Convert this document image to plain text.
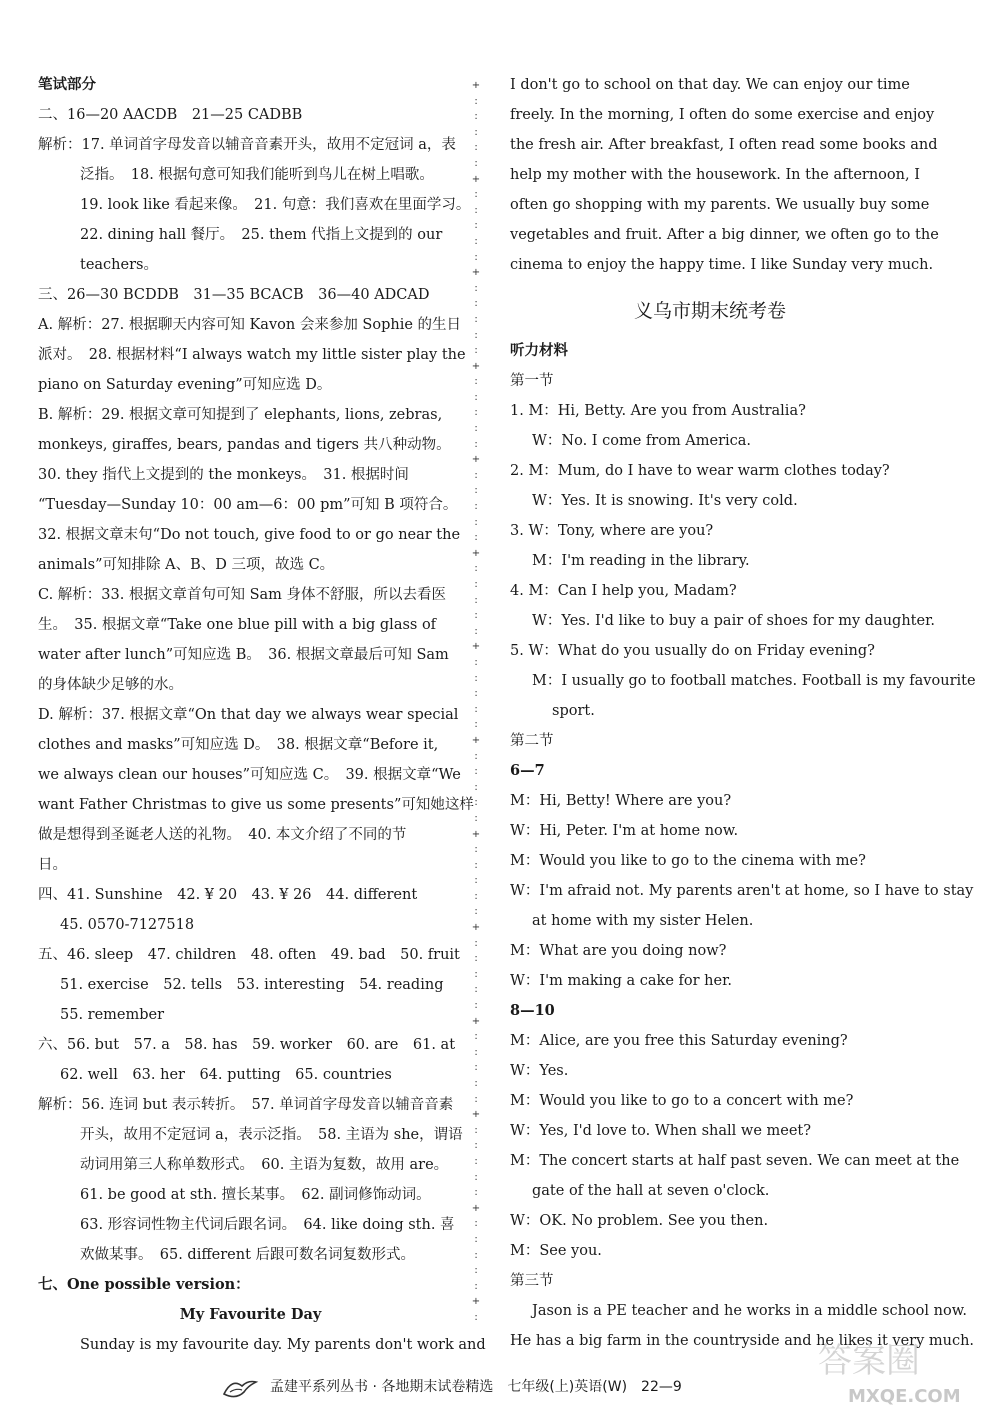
笔试部分
二、16—20 AACDB　21—25 CADBB
解析：17. 单词首字母发音以辅音音素开头，故用不定冠词 a，表
泛指。　18. 根据句意可知我们能听到鸟儿在树上唱歌。
19. look like 看起来像。　21. 句意：我们喜欢在里面学习。
22. dining hall 餐厅。　25. them 代指上文提到的 our
teachers。
三、26—30 BCDDB　31—35 BCACB　36—40 ADCAD
A. 解析：27. 根据聊天内容可知 Kavon 会来参加 Sophie 的生日
派对。　28. 根据材料“I always watch my little sister play the
piano on Saturday evening”可知应选 D。
B. 解析：29. 根据文章可知提到了 elephants, lions, zebras,
monkeys, giraffes, bears, pandas and tigers 共八种动物。
30. they 指代上文提到的 the monkeys。　31. 根据时间
“Tuesday—Sunday 10：00 am—6：00 pm”可知 B 项符合。
32. 根据文章末句“Do not touch, give food to or go near the
animals”可知排除 A、B、D 三项，故选 C。
C. 解析：33. 根据文章首句可知 Sam 身体不舒服，所以去看医
生。　35. 根据文章“Take one blue pill with a big glass of
water after lunch”可知应选 B。　36. 根据文章最后可知 Sam
的身体缺少足够的水。
D. 解析：37. 根据文章“On that day we always wear special
clothes and masks”可知应选 D。　38. 根据文章“Before it,
we always clean our houses”可知应选 C。　39. 根据文章“We
want Father Christmas to give us some presents”可知她这样
做是想得到圣诞老人送的礼物。　40. 本文介绍了不同的节
日。
四、41. Sunshine　42. ¥ 20　43. ¥ 26　44. different
45. 0570-7127518
五、46. sleep　47. children　48. often　49. bad　50. fruit
51. exercise　52. tells　53. interesting　54. reading
55. remember
六、56. but　57. a　58. has　59. worker　60. are　61. at
62. well　63. her　64. putting　65. countries
解析：56. 连词 but 表示转折。　57. 单词首字母发音以辅音音素
开头，故用不定冠词 a，表示泛指。　58. 主语为 she，谓语
动词用第三人称单数形式。　60. 主语为复数，故用 are。
61. be good at sth. 擅长某事。　62. 副词修饰动词。
63. 形容词性物主代词后跟名词。　64. like doing sth. 喜
欢做某事。　65. different 后跟可数名词复数形式。
七、One possible version：
My Favourite Day
Sunday is my favourite day. My parents don't work and
+
:
:
:
:
:
+
:
:
:
:
:
+
:
:
:
:
:
+
:
:
:
:
:
+
:
:
:
:
:
+
:
:
:
:
:
+
:
:
:
:
:
+
:
:
:
:
:
+
:
:
:
:
:
+
:
:
:
:
:
+
:
:
:
:
:
+
:
:
:
:
:
+
:
:
:
:
:
+
:
I don't go to school on that day. We can enjoy our time
freely. In the morning, I often do some exercise and enjoy
the fresh air. After breakfast, I often read some books and
help my mother with the housework. In the afternoon, I
often go shopping with my parents. We usually buy some
vegetables and fruit. After a big dinner, we often go to the
cinema to enjoy the happy time. I like Sunday very much.
义乌市期末统考卷
听力材料
第一节
1. M：Hi, Betty. Are you from Australia?
W：No. I come from America.
2. M：Mum, do I have to wear warm clothes today?
W：Yes. It is snowing. It's very cold.
3. W：Tony, where are you?
M：I'm reading in the library.
4. M：Can I help you, Madam?
W：Yes. I'd like to buy a pair of shoes for my daughter.
5. W：What do you usually do on Friday evening?
M：I usually go to football matches. Football is my favourite
sport.
第二节
6—7
M：Hi, Betty! Where are you?
W：Hi, Peter. I'm at home now.
M：Would you like to go to the cinema with me?
W：I'm afraid not. My parents aren't at home, so I have to stay
at home with my sister Helen.
M：What are you doing now?
W：I'm making a cake for her.
8—10
M：Alice, are you free this Saturday evening?
W：Yes.
M：Would you like to go to a concert with me?
W：Yes, I'd love to. When shall we meet?
M：The concert starts at half past seven. We can meet at the
gate of the hall at seven o'clock.
W：OK. No problem. See you then.
M：See you.
第三节
Jason is a PE teacher and he works in a middle school now.
He has a big farm in the countryside and he likes it very much.
孟建平系列丛书 · 各地期末试卷精选　七年级(上)英语(W)　22—9
答案圈
MXQE.COM
